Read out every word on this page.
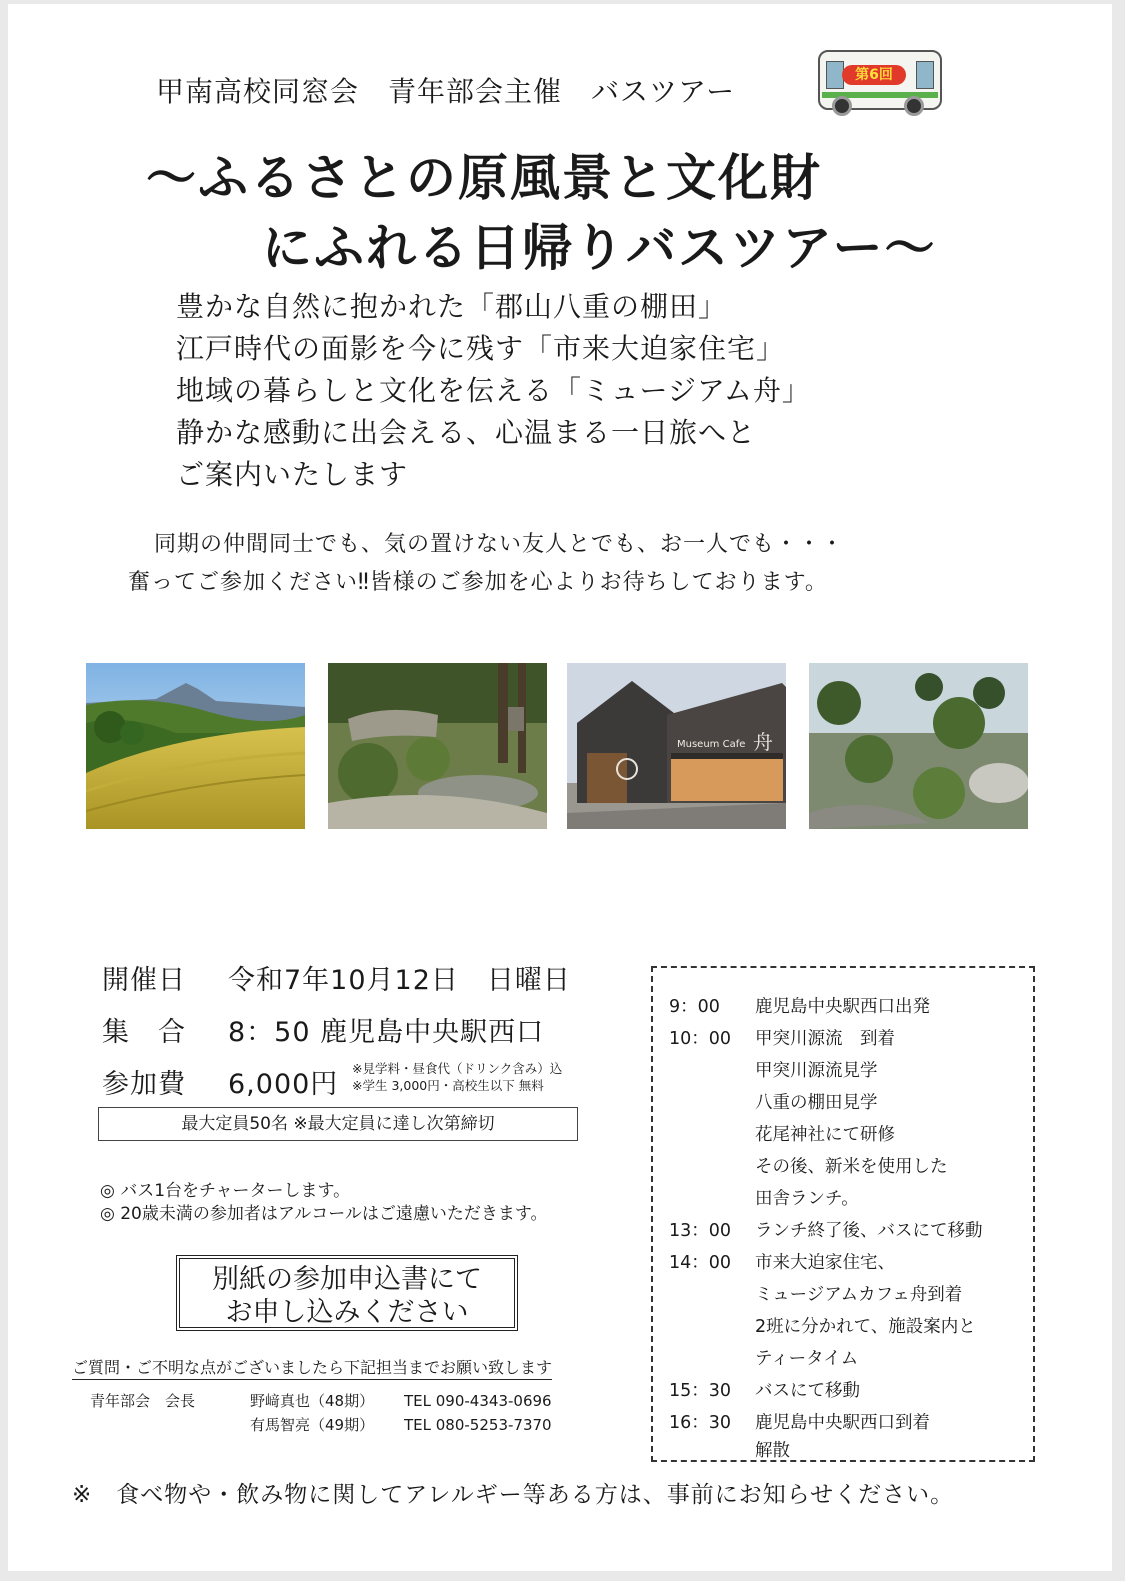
甲南高校同窓会　青年部会主催　バスツアー	第6回
～ふるさとの原風景と文化財
にふれる日帰りバスツアー～
豊かな自然に抱かれた「郡山八重の棚田」
江戸時代の面影を今に残す「市来大迫家住宅」
地域の暮らしと文化を伝える「ミュージアム舟」
静かな感動に出会える、心温まる一日旅へと
ご案内いたします
同期の仲間同士でも、気の置けない友人とでも、お一人でも・・・
奮ってご参加ください‼皆様のご参加を心よりお待ちしております。
Museum Cafe 舟
開催日 令和7年10月12日　日曜日
集　合 8：50 鹿児島中央駅西口
参加費 6,000円
※見学料・昼食代（ドリンク含み）込
※学生 3,000円・高校生以下 無料
最大定員50名 ※最大定員に達し次第締切
◎ バス1台をチャーターします。
◎ 20歳未満の参加者はアルコールはご遠慮いただきます。
別紙の参加申込書にて
お申し込みください
ご質問・ご不明な点がございましたら下記担当までお願い致します
青年部会　会長	野﨑真也（48期） TEL 090-4343-0696
有馬智亮（49期） TEL 080-5253-7370
9：00 鹿児島中央駅西口出発
10：00 甲突川源流　到着
甲突川源流見学
八重の棚田見学
花尾神社にて研修
その後、新米を使用した
田舎ランチ。
13：00 ランチ終了後、バスにて移動
14：00 市来大迫家住宅、
ミュージアムカフェ舟到着
2班に分かれて、施設案内と
ティータイム
15：30 バスにて移動
16：30 鹿児島中央駅西口到着
解散
※　食べ物や・飲み物に関してアレルギー等ある方は、事前にお知らせください。
